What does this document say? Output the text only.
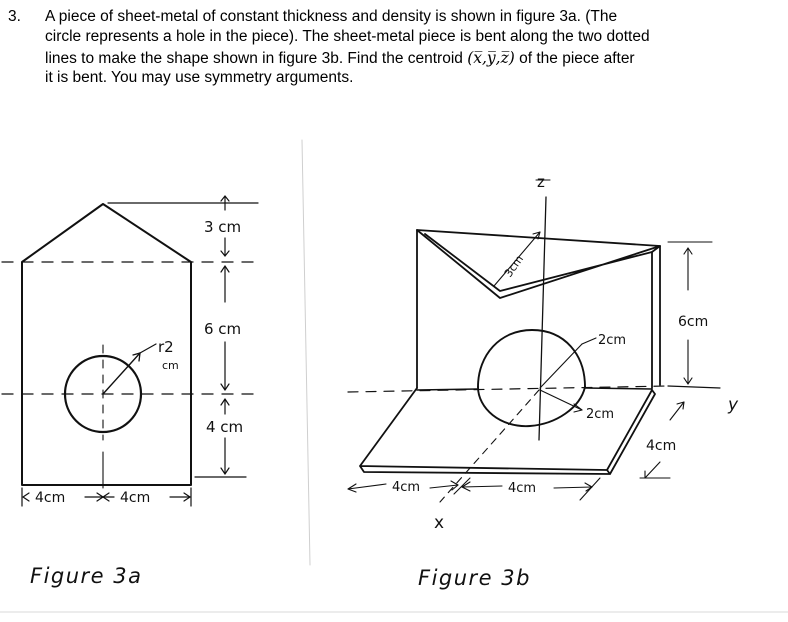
3. A piece of sheet-metal of constant thickness and density is shown in figure 3a. (The
circle represents a hole in the piece). The sheet-metal piece is bent along the two dotted
lines to make the shape shown in figure 3b. Find the centroid (x̅,y̅,z̅) of the piece after
it is bent. You may use symmetry arguments.
3 cm
6 cm
4 cm
r2
cm
4cm	4cm
Figure 3a
z
3cm
y
x
2cm
2cm
6cm
4cm
4cm	4cm
Figure 3b
